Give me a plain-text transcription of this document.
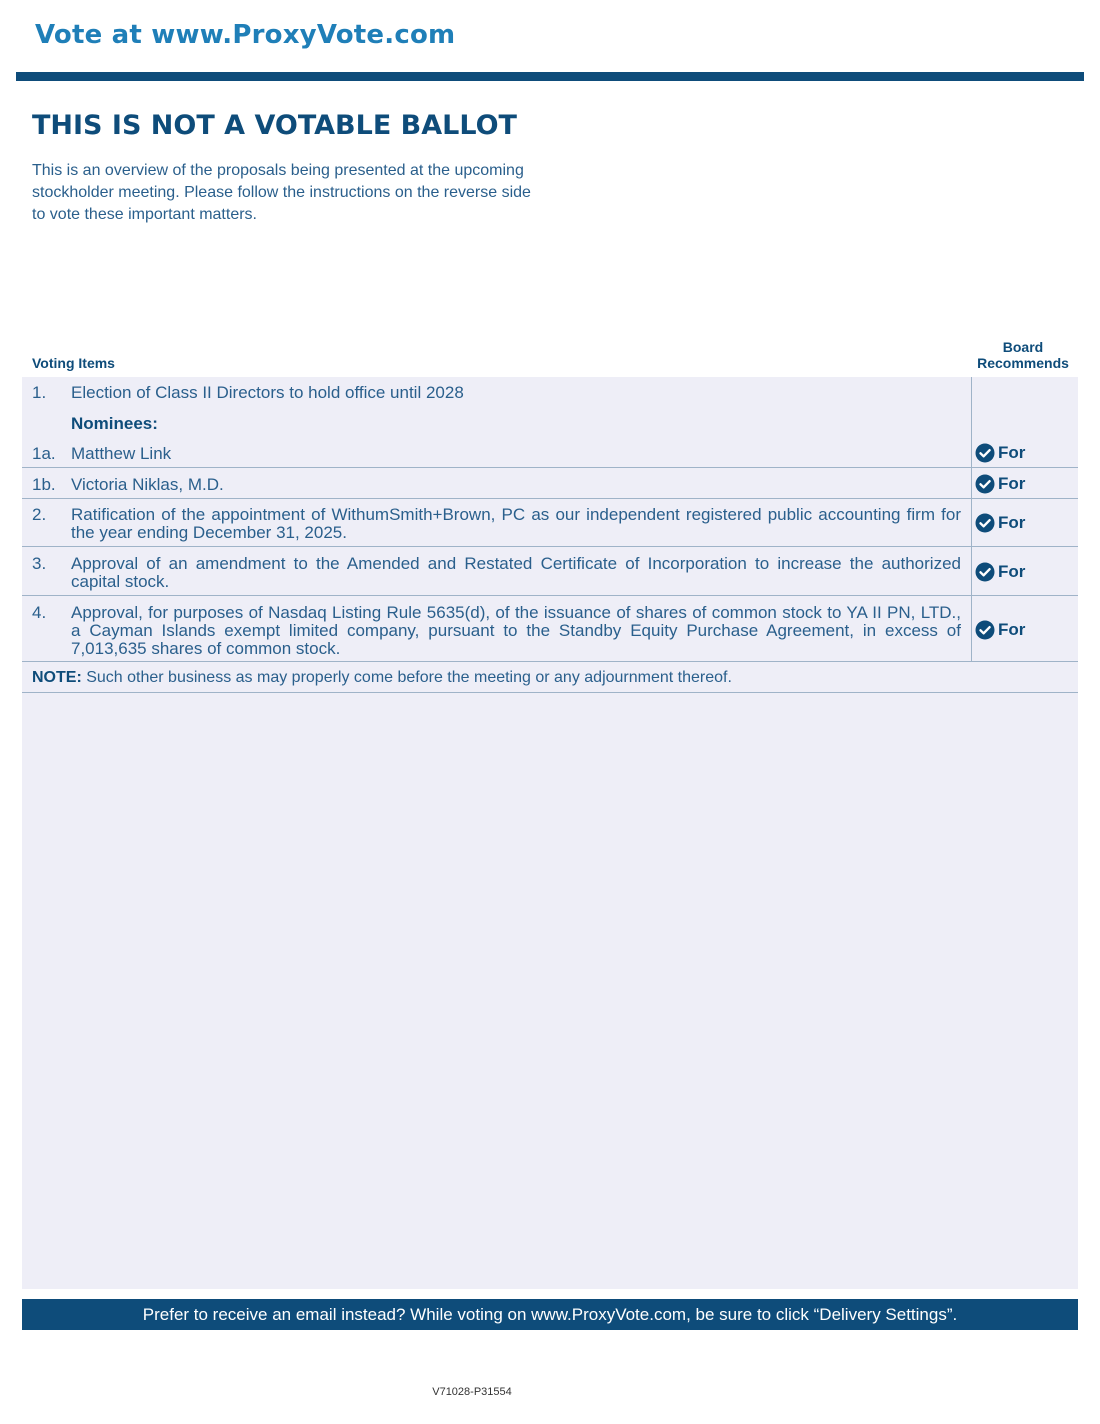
Vote at www.ProxyVote.com
THIS IS NOT A VOTABLE BALLOT

This is an overview of the proposals being presented at the upcoming stockholder meeting. Please follow the instructions on the reverse side to vote these important matters.

Voting Items
Board
Recommends
1. Election of Class II Directors to hold office until 2028
Nominees:
1a. Matthew Link	For
1b. Victoria Niklas, M.D.	For
2. Ratification of the appointment of WithumSmith+Brown, PC as our independent registered public accounting firm for the year ending December 31, 2025.
For
3. Approval of an amendment to the Amended and Restated Certificate of Incorporation to increase the authorized capital stock.
For
4. Approval, for purposes of Nasdaq Listing Rule 5635(d), of the issuance of shares of common stock to YA II PN, LTD., a Cayman Islands exempt limited company, pursuant to the Standby Equity Purchase Agreement, in excess of 7,013,635 shares of common stock.
For
NOTE: Such other business as may properly come before the meeting or any adjournment thereof.
Prefer to receive an email instead? While voting on www.ProxyVote.com, be sure to click “Delivery Settings”.
V71028-P31554
